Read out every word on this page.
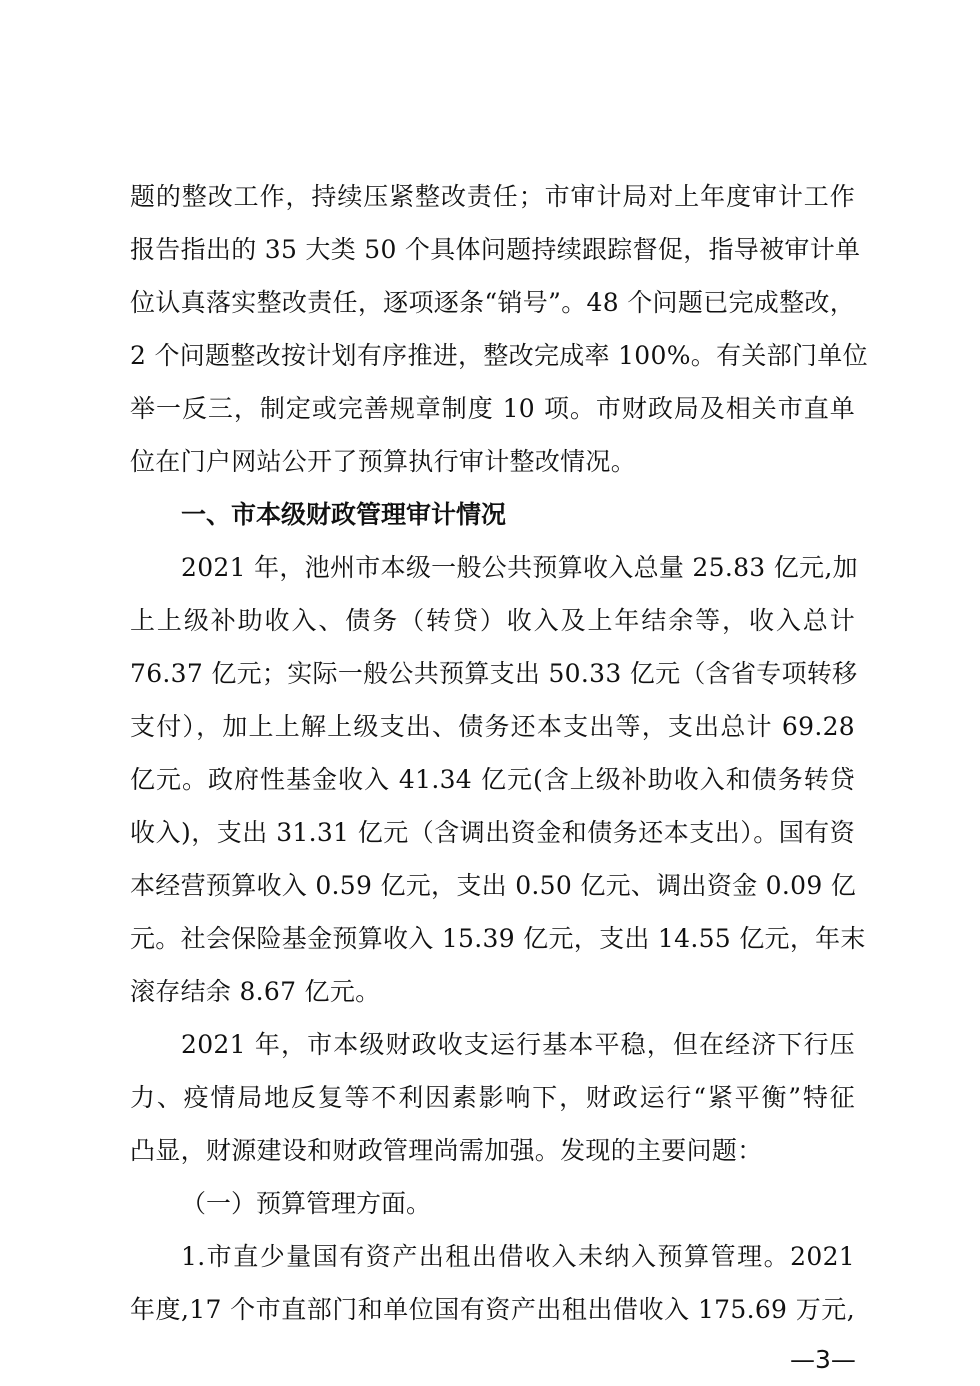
题的整改工作，持续压紧整改责任；市审计局对上年度审计工作
报告指出的 35 大类 50 个具体问题持续跟踪督促，指导被审计单
位认真落实整改责任，逐项逐条“销号”。48 个问题已完成整改，
2 个问题整改按计划有序推进，整改完成率 100%。有关部门单位
举一反三，制定或完善规章制度 10 项。市财政局及相关市直单
位在门户网站公开了预算执行审计整改情况。
一、市本级财政管理审计情况
2021 年，池州市本级一般公共预算收入总量 25.83 亿元,加
上上级补助收入、债务（转贷）收入及上年结余等，收入总计
76.37 亿元；实际一般公共预算支出 50.33 亿元（含省专项转移
支付），加上上解上级支出、债务还本支出等，支出总计 69.28
亿元。政府性基金收入 41.34 亿元(含上级补助收入和债务转贷
收入)，支出 31.31 亿元（含调出资金和债务还本支出）。国有资
本经营预算收入 0.59 亿元，支出 0.50 亿元、调出资金 0.09 亿
元。社会保险基金预算收入 15.39 亿元，支出 14.55 亿元，年末
滚存结余 8.67 亿元。
2021 年，市本级财政收支运行基本平稳，但在经济下行压
力、疫情局地反复等不利因素影响下，财政运行“紧平衡”特征
凸显，财源建设和财政管理尚需加强。发现的主要问题：
（一）预算管理方面。
1.市直少量国有资产出租出借收入未纳入预算管理。2021
年度,17 个市直部门和单位国有资产出租出借收入 175.69 万元,
—3—
